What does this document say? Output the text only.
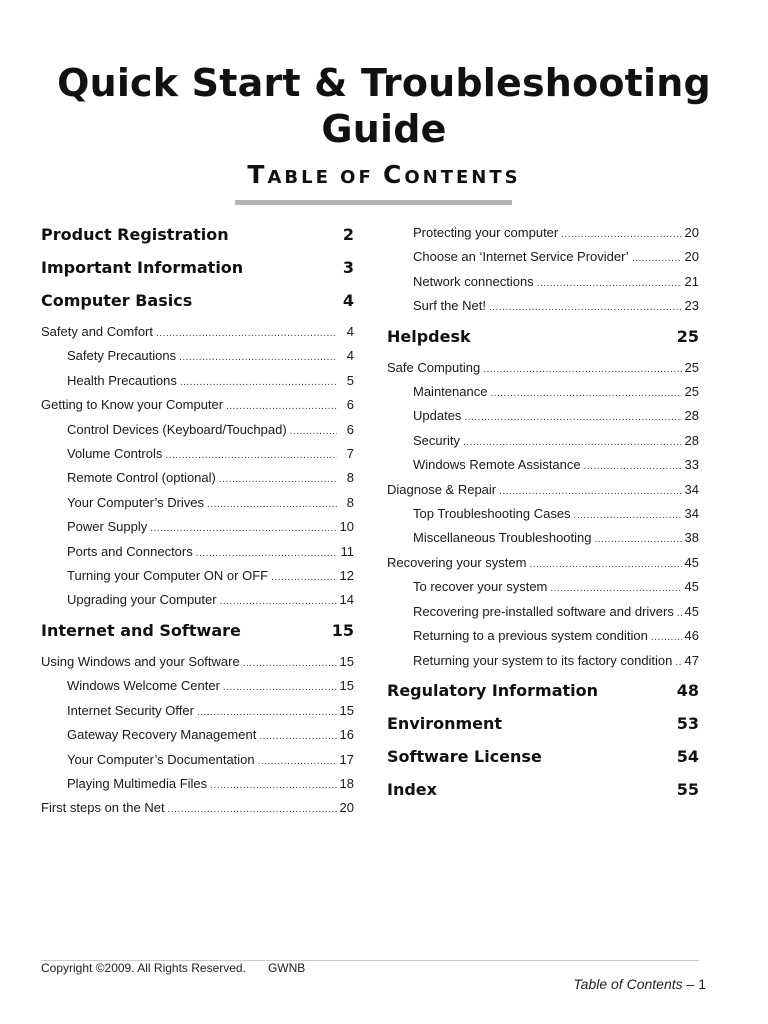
Quick Start & Troubleshooting
Guide
TABLE OF CONTENTS
Product Registration	2
Important Information	3
Computer Basics	4
Safety and Comfort .....	4
Safety Precautions .....	4
Health Precautions .....	5
Getting to Know your Computer .....	6
Control Devices (Keyboard/Touchpad) .....	6
Volume Controls .....	7
Remote Control (optional) .....	8
Your Computer’s Drives .....	8
Power Supply .....	10
Ports and Connectors .....	11
Turning your Computer ON or OFF .....	12
Upgrading your Computer .....	14
Internet and Software	15
Using Windows and your Software .....	15
Windows Welcome Center .....	15
Internet Security Offer .....	15
Gateway Recovery Management .....	16
Your Computer’s Documentation .....	17
Playing Multimedia Files .....	18
First steps on the Net .....	20
Protecting your computer .....	20
Choose an ‘Internet Service Provider’ .....	20
Network connections .....	21
Surf the Net! .....	23
Helpdesk	25
Safe Computing .....	25
Maintenance .....	25
Updates .....	28
Security .....	28
Windows Remote Assistance .....	33
Diagnose & Repair .....	34
Top Troubleshooting Cases .....	34
Miscellaneous Troubleshooting .....	38
Recovering your system .....	45
To recover your system .....	45
Recovering pre-installed software and drivers ..... 45
Returning to a previous system condition .....	46
Returning your system to its factory condition ..... 47
Regulatory Information	48
Environment	53
Software License	54
Index	55
Copyright ©2009. All Rights Reserved. GWNB
Table of Contents – 1
